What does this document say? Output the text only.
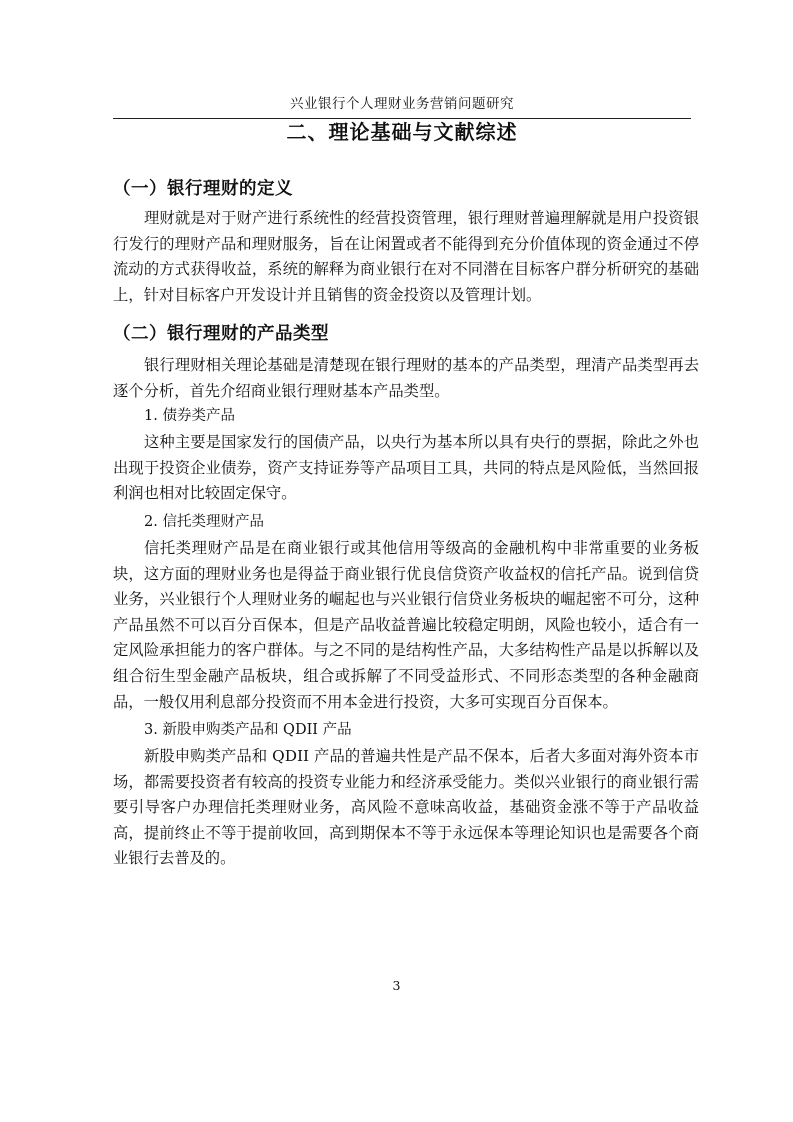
兴业银行个人理财业务营销问题研究
二、理论基础与文献综述
（一）银行理财的定义

理财就是对于财产进行系统性的经营投资管理，银行理财普遍理解就是用户投资银行发行的理财产品和理财服务，旨在让闲置或者不能得到充分价值体现的资金通过不停流动的方式获得收益，系统的解释为商业银行在对不同潜在目标客户群分析研究的基础上，针对目标客户开发设计并且销售的资金投资以及管理计划。

（二）银行理财的产品类型

银行理财相关理论基础是清楚现在银行理财的基本的产品类型，理清产品类型再去逐个分析，首先介绍商业银行理财基本产品类型。

1. 债券类产品

这种主要是国家发行的国债产品，以央行为基本所以具有央行的票据，除此之外也出现于投资企业债券，资产支持证券等产品项目工具，共同的特点是风险低，当然回报利润也相对比较固定保守。

2. 信托类理财产品

信托类理财产品是在商业银行或其他信用等级高的金融机构中非常重要的业务板块，这方面的理财业务也是得益于商业银行优良信贷资产收益权的信托产品。说到信贷业务，兴业银行个人理财业务的崛起也与兴业银行信贷业务板块的崛起密不可分，这种产品虽然不可以百分百保本，但是产品收益普遍比较稳定明朗，风险也较小，适合有一定风险承担能力的客户群体。与之不同的是结构性产品，大多结构性产品是以拆解以及组合衍生型金融产品板块，组合或拆解了不同受益形式、不同形态类型的各种金融商品，一般仅用利息部分投资而不用本金进行投资，大多可实现百分百保本。

3. 新股申购类产品和 QDII 产品

新股申购类产品和 QDII 产品的普遍共性是产品不保本，后者大多面对海外资本市场，都需要投资者有较高的投资专业能力和经济承受能力。类似兴业银行的商业银行需要引导客户办理信托类理财业务，高风险不意味高收益，基础资金涨不等于产品收益高，提前终止不等于提前收回，高到期保本不等于永远保本等理论知识也是需要各个商业银行去普及的。

3
